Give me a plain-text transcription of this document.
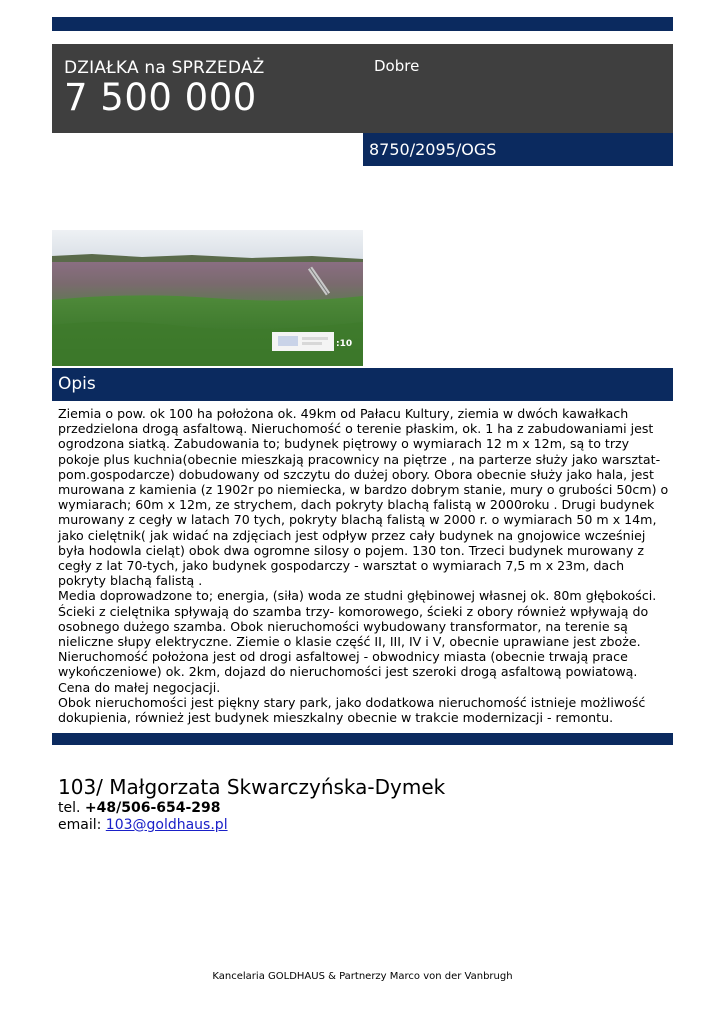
DZIAŁKA na SPRZEDAŻ
7 500 000
Dobre
8750/2095/OGS
:10
Opis

Ziemia o pow. ok 100 ha położona ok. 49km od Pałacu Kultury, ziemia w dwóch kawałkach przedzielona drogą asfaltową. Nieruchomość o terenie płaskim, ok. 1 ha z zabudowaniami jest ogrodzona siatką. Zabudowania to; budynek piętrowy o wymiarach 12 m x 12m, są to trzy pokoje plus kuchnia(obecnie mieszkają pracownicy na piętrze , na parterze służy jako warsztat-pom.gospodarcze) dobudowany od szczytu do dużej obory. Obora obecnie służy jako hala, jest murowana z kamienia (z 1902r po niemiecka, w bardzo dobrym stanie, mury o grubości 50cm) o wymiarach; 60m x 12m, ze strychem, dach pokryty blachą falistą w 2000roku . Drugi budynek murowany z cegły w latach 70 tych, pokryty blachą falistą w 2000 r. o wymiarach 50 m x 14m, jako cielętnik( jak widać na zdjęciach jest odpływ przez cały budynek na gnojowice wcześniej była hodowla cieląt) obok dwa ogromne silosy o pojem. 130 ton. Trzeci budynek murowany z cegły z lat 70-tych, jako budynek gospodarczy - warsztat o wymiarach 7,5 m x 23m, dach pokryty blachą falistą .

Media doprowadzone to; energia, (siła) woda ze studni głębinowej własnej ok. 80m głębokości. Ścieki z cielętnika spływają do szamba trzy- komorowego, ścieki z obory również wpływają do osobnego dużego szamba. Obok nieruchomości wybudowany transformator, na terenie są nieliczne słupy elektryczne. Ziemie o klasie część II, III, IV i V, obecnie uprawiane jest zboże. Nieruchomość położona jest od drogi asfaltowej - obwodnicy miasta (obecnie trwają prace wykończeniowe) ok. 2km, dojazd do nieruchomości jest szeroki drogą asfaltową powiatową. Cena do małej negocjacji.

Obok nieruchomości jest piękny stary park, jako dodatkowa nieruchomość istnieje możliwość dokupienia, również jest budynek mieszkalny obecnie w trakcie modernizacji - remontu.

103/ Małgorzata Skwarczyńska-Dymek
tel. +48/506-654-298
email: 103@goldhaus.pl
Kancelaria GOLDHAUS & Partnerzy Marco von der Vanbrugh
